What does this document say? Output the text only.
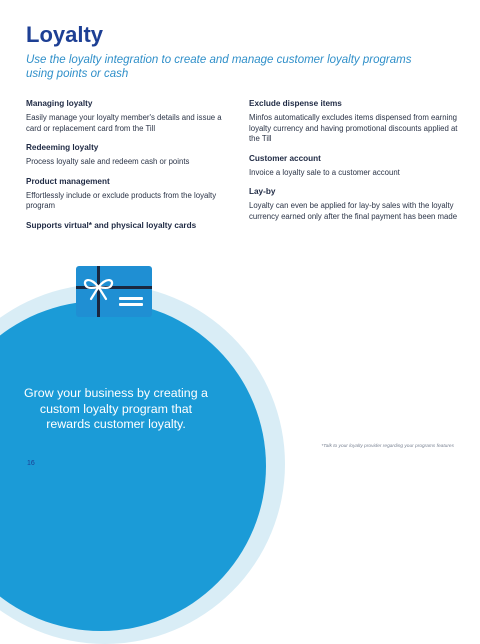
Loyalty

Use the loyalty integration to create and manage customer loyalty programs using points or cash

Managing loyalty

Easily manage your loyalty member's details and issue a card or replacement card from the Till

Redeeming loyalty

Process loyalty sale and redeem cash or points

Product management

Effortlessly include or exclude products from the loyalty program

Supports virtual* and physical loyalty cards
Exclude dispense items

Minfos automatically excludes items dispensed from earning loyalty currency and having promotional discounts applied at the Till

Customer account

Invoice a loyalty sale to a customer account

Lay-by

Loyalty can even be applied for lay-by sales with the loyalty currency earned only after the final payment has been made

Grow your business by creating a custom loyalty program that rewards customer loyalty.

*Talk to your loyalty provider regarding your programs features

16
